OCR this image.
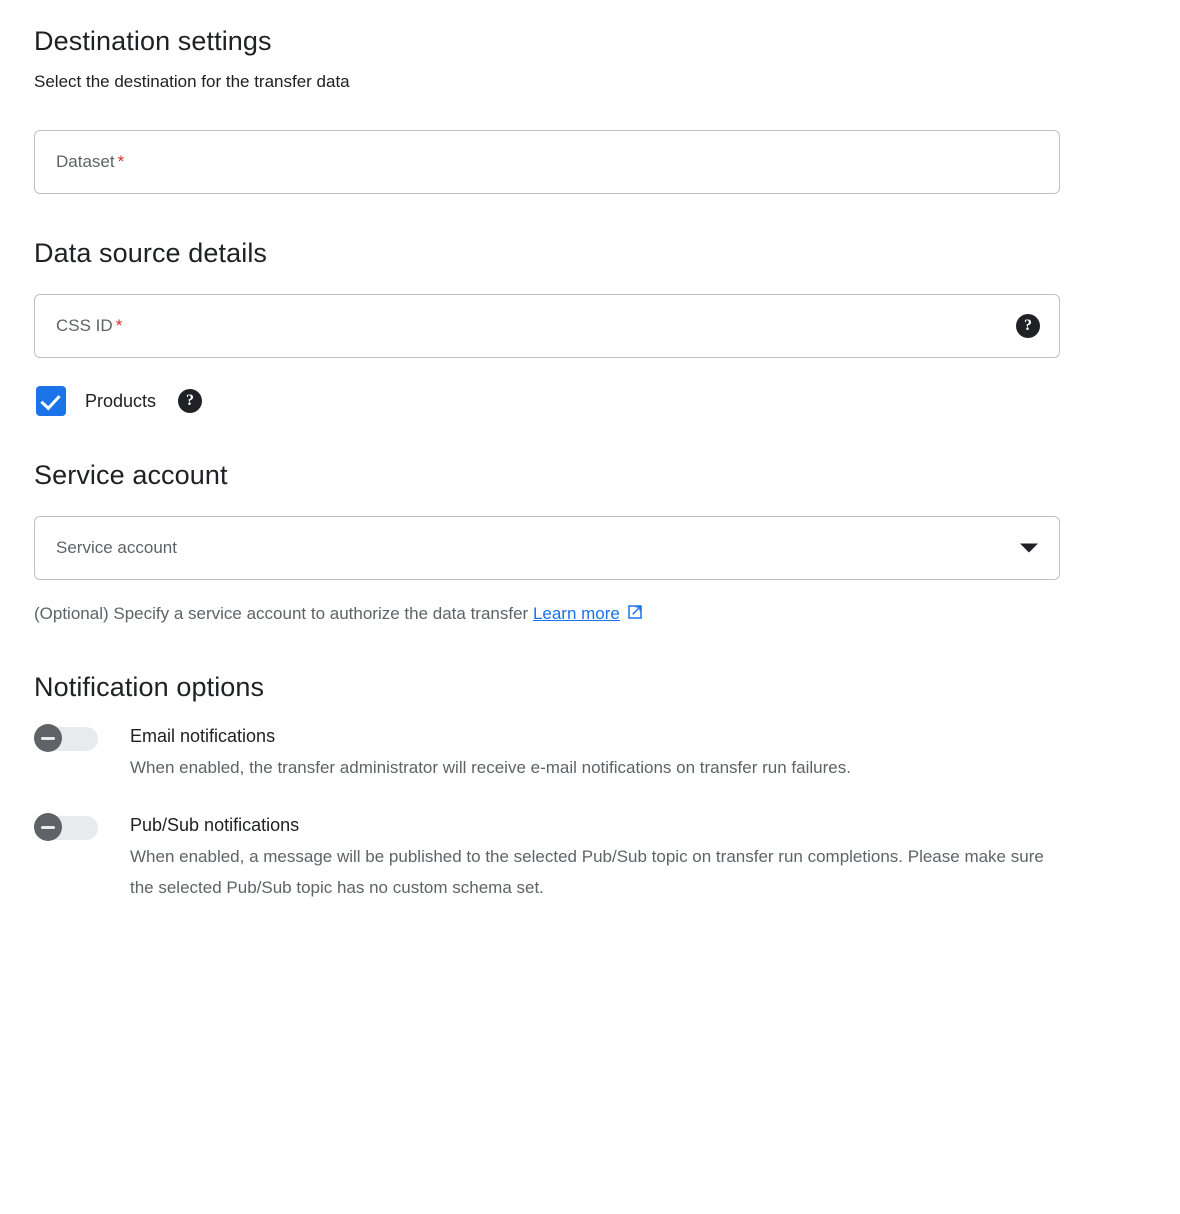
Destination settings

Select the destination for the transfer data

Dataset *
Data source details
CSS ID *	?
Products	?
Service account
Service account
(Optional) Specify a service account to authorize the data transfer Learn more
Notification options
Email notifications
When enabled, the transfer administrator will receive e-mail notifications on transfer run failures.
Pub/Sub notifications
When enabled, a message will be published to the selected Pub/Sub topic on transfer run completions. Please make sure the selected Pub/Sub topic has no custom schema set.
